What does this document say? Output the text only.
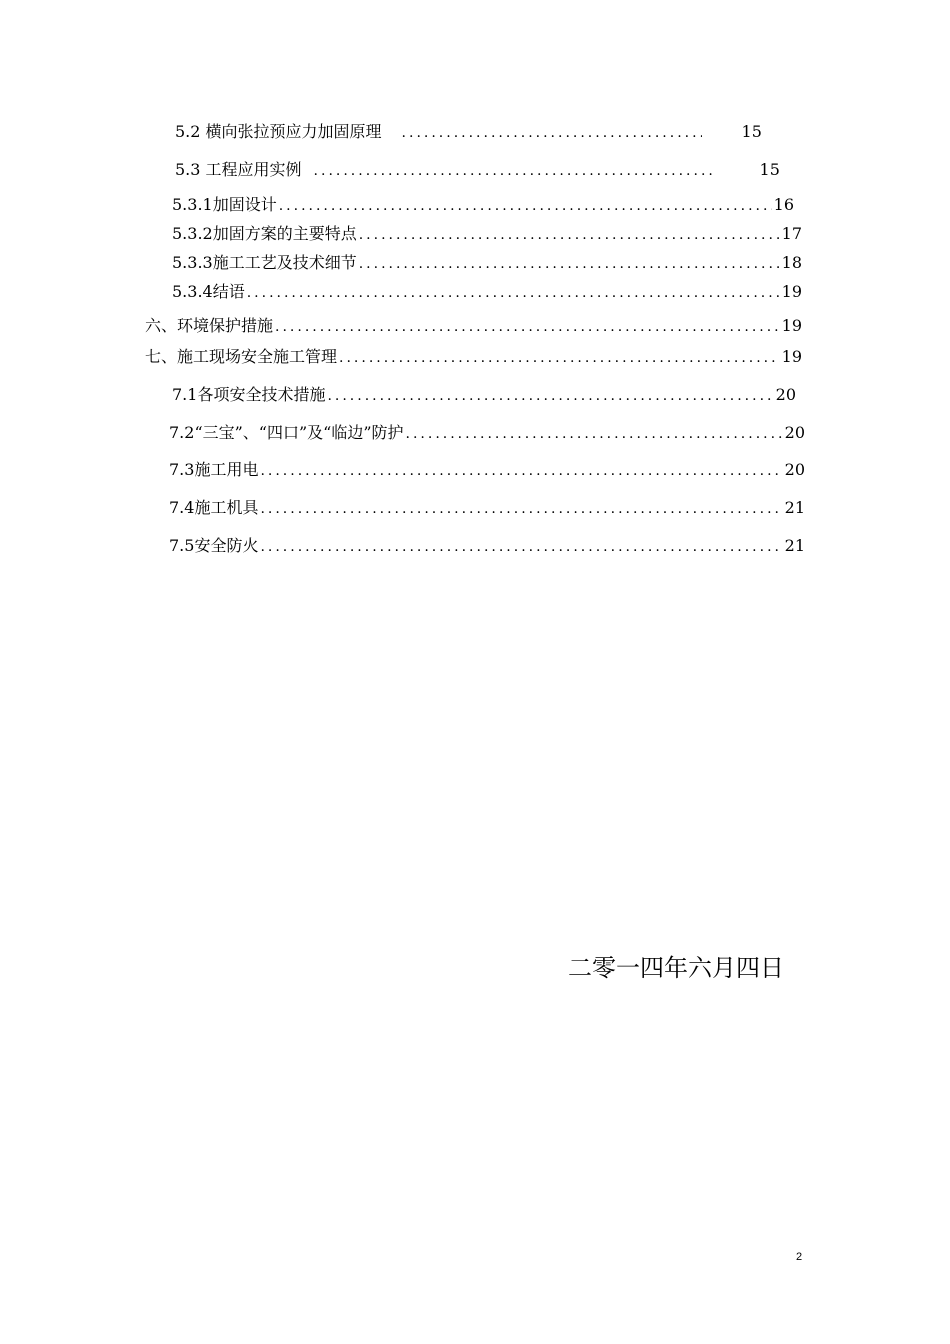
5.2 横向张拉预应力加固原理 .....	15
5.3 工程应用实例 .....	15
5.3.1加固设计 .....	16
5.3.2加固方案的主要特点 .....	17
5.3.3施工工艺及技术细节 .....	18
5.3.4结语 .....	19
六、环境保护措施 .....	19
七、施工现场安全施工管理 .....	19
7.1各项安全技术措施 .....	20
7.2“三宝”、“四口”及“临边”防护 .....	20
7.3施工用电 .....	20
7.4施工机具 .....	21
7.5安全防火 .....	21
二零一四年六月四日
2
